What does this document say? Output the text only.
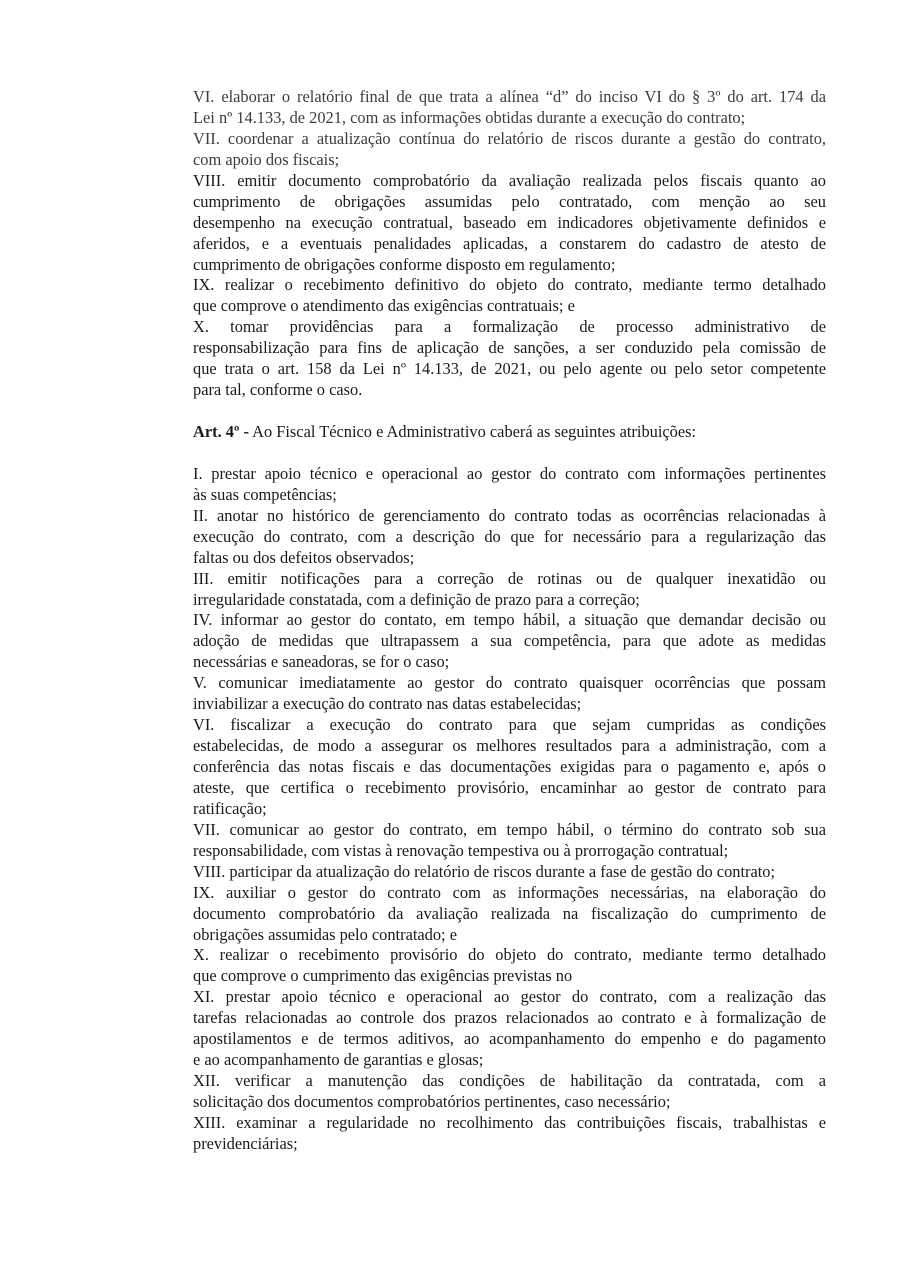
VI. elaborar o relatório final de que trata a alínea “d” do inciso VI do § 3º do art. 174 da
Lei nº 14.133, de 2021, com as informações obtidas durante a execução do contrato;
VII. coordenar a atualização contínua do relatório de riscos durante a gestão do contrato,
com apoio dos fiscais;
VIII. emitir documento comprobatório da avaliação realizada pelos fiscais quanto ao
cumprimento de obrigações assumidas pelo contratado, com menção ao seu
desempenho na execução contratual, baseado em indicadores objetivamente definidos e
aferidos, e a eventuais penalidades aplicadas, a constarem do cadastro de atesto de
cumprimento de obrigações conforme disposto em regulamento;
IX. realizar o recebimento definitivo do objeto do contrato, mediante termo detalhado
que comprove o atendimento das exigências contratuais; e
X. tomar providências para a formalização de processo administrativo de
responsabilização para fins de aplicação de sanções, a ser conduzido pela comissão de
que trata o art. 158 da Lei nº 14.133, de 2021, ou pelo agente ou pelo setor competente
para tal, conforme o caso.
Art. 4º - Ao Fiscal Técnico e Administrativo caberá as seguintes atribuições:
I. prestar apoio técnico e operacional ao gestor do contrato com informações pertinentes
às suas competências;
II. anotar no histórico de gerenciamento do contrato todas as ocorrências relacionadas à
execução do contrato, com a descrição do que for necessário para a regularização das
faltas ou dos defeitos observados;
III. emitir notificações para a correção de rotinas ou de qualquer inexatidão ou
irregularidade constatada, com a definição de prazo para a correção;
IV. informar ao gestor do contato, em tempo hábil, a situação que demandar decisão ou
adoção de medidas que ultrapassem a sua competência, para que adote as medidas
necessárias e saneadoras, se for o caso;
V. comunicar imediatamente ao gestor do contrato quaisquer ocorrências que possam
inviabilizar a execução do contrato nas datas estabelecidas;
VI. fiscalizar a execução do contrato para que sejam cumpridas as condições
estabelecidas, de modo a assegurar os melhores resultados para a administração, com a
conferência das notas fiscais e das documentações exigidas para o pagamento e, após o
ateste, que certifica o recebimento provisório, encaminhar ao gestor de contrato para
ratificação;
VII. comunicar ao gestor do contrato, em tempo hábil, o término do contrato sob sua
responsabilidade, com vistas à renovação tempestiva ou à prorrogação contratual;
VIII. participar da atualização do relatório de riscos durante a fase de gestão do contrato;
IX. auxiliar o gestor do contrato com as informações necessárias, na elaboração do
documento comprobatório da avaliação realizada na fiscalização do cumprimento de
obrigações assumidas pelo contratado; e
X. realizar o recebimento provisório do objeto do contrato, mediante termo detalhado
que comprove o cumprimento das exigências previstas no
XI. prestar apoio técnico e operacional ao gestor do contrato, com a realização das
tarefas relacionadas ao controle dos prazos relacionados ao contrato e à formalização de
apostilamentos e de termos aditivos, ao acompanhamento do empenho e do pagamento
e ao acompanhamento de garantias e glosas;
XII. verificar a manutenção das condições de habilitação da contratada, com a
solicitação dos documentos comprobatórios pertinentes, caso necessário;
XIII. examinar a regularidade no recolhimento das contribuições fiscais, trabalhistas e
previdenciárias;
